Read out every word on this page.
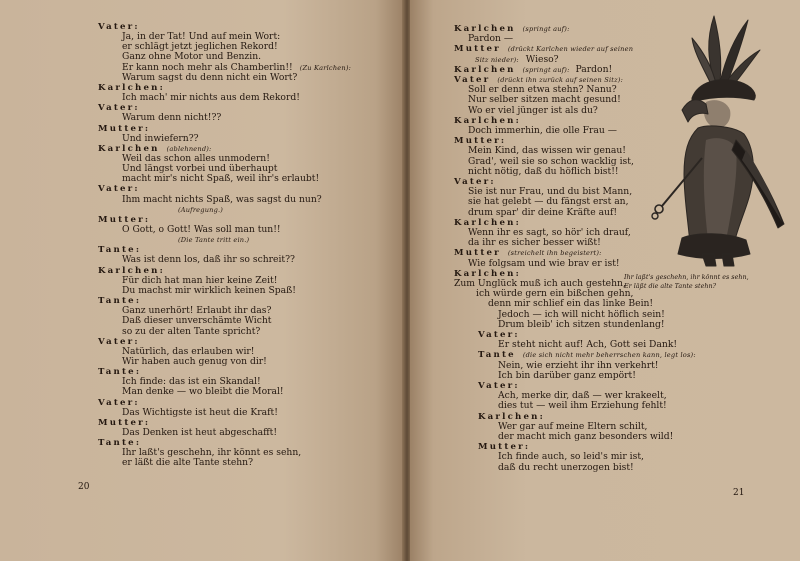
Vater:
Ja, in der Tat! Und auf mein Wort:
er schlägt jetzt jeglichen Rekord!
Ganz ohne Motor und Benzin.
Er kann noch mehr als Chamberlin!! (Zu Karlchen):
Warum sagst du denn nicht ein Wort?
Karlchen:
Ich mach' mir nichts aus dem Rekord!
Vater:
Warum denn nicht!??
Mutter:
Und inwiefern??
Karlchen (ablehnend):
Weil das schon alles unmodern!
Und längst vorbei und überhaupt
macht mir's nicht Spaß, weil ihr's erlaubt!
Vater:
Ihm macht nichts Spaß, was sagst du nun?
(Aufregung.)
Mutter:
O Gott, o Gott! Was soll man tun!!
(Die Tante tritt ein.)
Tante:
Was ist denn los, daß ihr so schreit??
Karlchen:
Für dich hat man hier keine Zeit!
Du machst mir wirklich keinen Spaß!
Tante:
Ganz unerhört! Erlaubt ihr das?
Daß dieser unverschämte Wicht
so zu der alten Tante spricht?
Vater:
Natürlich, das erlauben wir!
Wir haben auch genug von dir!
Tante:
Ich finde: das ist ein Skandal!
Man denke — wo bleibt die Moral!
Vater:
Das Wichtigste ist heut die Kraft!
Mutter:
Das Denken ist heut abgeschafft!
Tante:
Ihr laßt's geschehn, ihr könnt es sehn,
er läßt die alte Tante stehn?
20
Karlchen (springt auf):
Pardon —
Mutter (drückt Karlchen wieder auf seinen
Sitz nieder): Wieso?
Karlchen (springt auf): Pardon!
Vater (drückt ihn zurück auf seinen Sitz):
Soll er denn etwa stehn? Nanu?
Nur selber sitzen macht gesund!
Wo er viel jünger ist als du?
Karlchen:
Doch immerhin, die olle Frau —
Mutter:
Mein Kind, das wissen wir genau!
Grad', weil sie so schon wacklig ist,
nicht nötig, daß du höflich bist!!
Vater:
Sie ist nur Frau, und du bist Mann,
sie hat gelebt — du fängst erst an,
drum spar' dir deine Kräfte auf!
Karlchen:
Wenn ihr es sagt, so hör' ich drauf,
da ihr es sicher besser wißt!
Mutter (streichelt ihn begeistert):
Wie folgsam und wie brav er ist!
Karlchen:
Zum Unglück muß ich auch gestehn,
ich würde gern ein bißchen gehn,
denn mir schlief ein das linke Bein!
Jedoch — ich will nicht höflich sein!
Drum bleib' ich sitzen stundenlang!
Vater:
Er steht nicht auf! Ach, Gott sei Dank!
Tante (die sich nicht mehr beherrschen kann, legt los):
Nein, wie erzieht ihr ihn verkehrt!
Ich bin darüber ganz empört!
Vater:
Ach, merke dir, daß — wer krakeelt,
dies tut — weil ihm Erziehung fehlt!
Karlchen:
Wer gar auf meine Eltern schilt,
der macht mich ganz besonders wild!
Mutter:
Ich finde auch, so leid's mir ist,
daß du recht unerzogen bist!
21
Ihr laßt's geschehn, ihr könnt es sehn,
Er läßt die alte Tante stehn?
